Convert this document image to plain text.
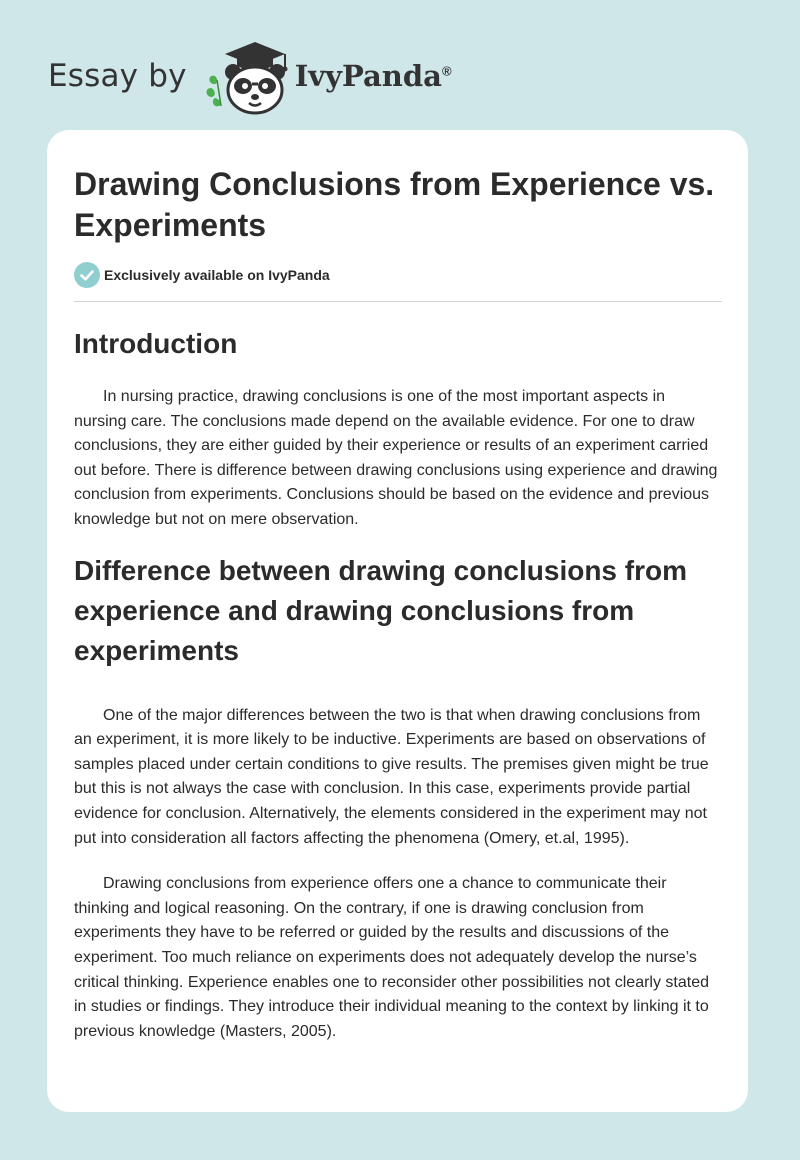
Essay by	IvyPanda®
Drawing Conclusions from Experience vs. Experiments
Exclusively available on IvyPanda
Introduction

In nursing practice, drawing conclusions is one of the most important aspects in nursing care. The conclusions made depend on the available evidence. For one to draw conclusions, they are either guided by their experience or results of an experiment carried out before. There is difference between drawing conclusions using experience and drawing conclusion from experiments. Conclusions should be based on the evidence and previous knowledge but not on mere observation.

Difference between drawing conclusions from experience and drawing conclusions from experiments

One of the major differences between the two is that when drawing conclusions from an experiment, it is more likely to be inductive. Experiments are based on observations of samples placed under certain conditions to give results. The premises given might be true but this is not always the case with conclusion. In this case, experiments provide partial evidence for conclusion. Alternatively, the elements considered in the experiment may not put into consideration all factors affecting the phenomena (Omery, et.al, 1995).

Drawing conclusions from experience offers one a chance to communicate their thinking and logical reasoning. On the contrary, if one is drawing conclusion from experiments they have to be referred or guided by the results and discussions of the experiment. Too much reliance on experiments does not adequately develop the nurse’s critical thinking. Experience enables one to reconsider other possibilities not clearly stated in studies or findings. They introduce their individual meaning to the context by linking it to previous knowledge (Masters, 2005).
